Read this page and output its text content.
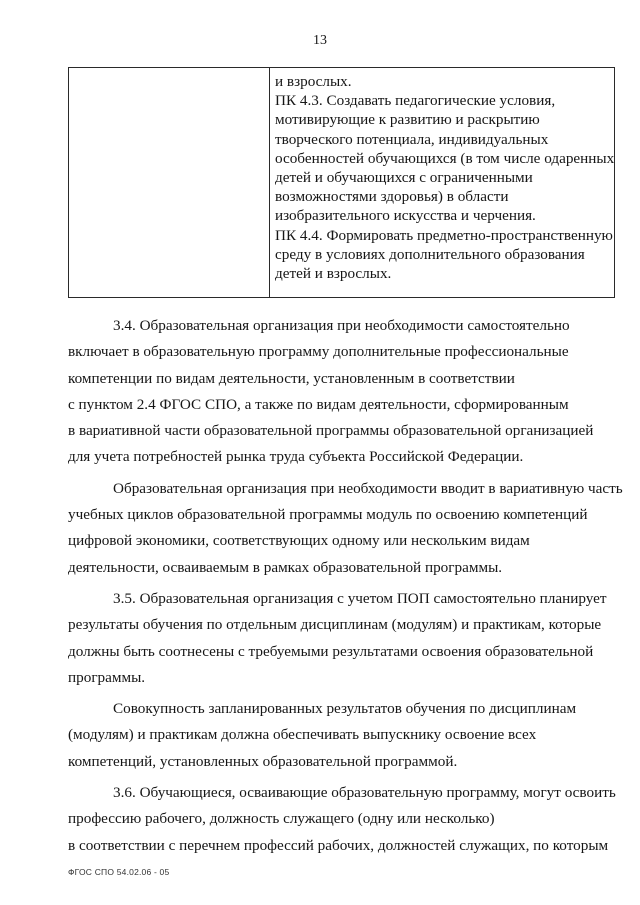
13
и взрослых.
ПК 4.3. Создавать педагогические условия,
мотивирующие к развитию и раскрытию
творческого потенциала, индивидуальных
особенностей обучающихся (в том числе одаренных
детей и обучающихся с ограниченными
возможностями здоровья) в области
изобразительного искусства и черчения.
ПК 4.4. Формировать предметно-пространственную
среду в условиях дополнительного образования
детей и взрослых.
3.4. Образовательная организация при необходимости самостоятельно
включает в образовательную программу дополнительные профессиональные
компетенции по видам деятельности, установленным в соответствии
с пунктом 2.4 ФГОС СПО, а также по видам деятельности, сформированным
в вариативной части образовательной программы образовательной организацией
для учета потребностей рынка труда субъекта Российской Федерации.
Образовательная организация при необходимости вводит в вариативную часть
учебных циклов образовательной программы модуль по освоению компетенций
цифровой экономики, соответствующих одному или нескольким видам
деятельности, осваиваемым в рамках образовательной программы.
3.5. Образовательная организация с учетом ПОП самостоятельно планирует
результаты обучения по отдельным дисциплинам (модулям) и практикам, которые
должны быть соотнесены с требуемыми результатами освоения образовательной
программы.
Совокупность запланированных результатов обучения по дисциплинам
(модулям) и практикам должна обеспечивать выпускнику освоение всех
компетенций, установленных образовательной программой.
3.6. Обучающиеся, осваивающие образовательную программу, могут освоить
профессию рабочего, должность служащего (одну или несколько)
в соответствии с перечнем профессий рабочих, должностей служащих, по которым
ФГОС СПО 54.02.06 - 05
